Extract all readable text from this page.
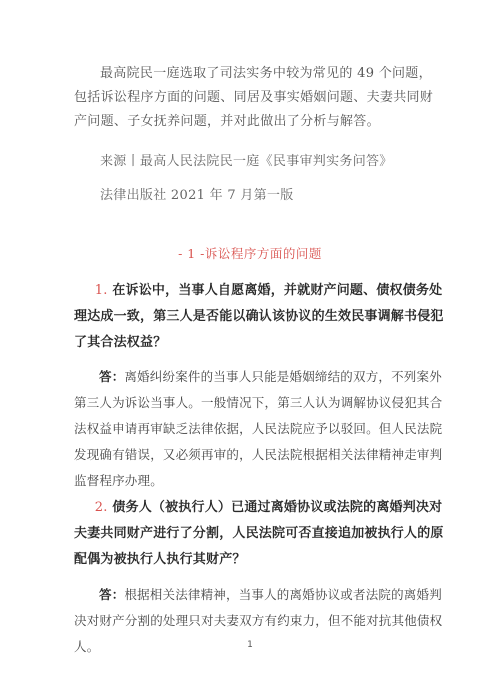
最高院民一庭选取了司法实务中较为常见的 49 个问题，包括诉讼程序方面的问题、同居及事实婚姻问题、夫妻共同财产问题、子女抚养问题，并对此做出了分析与解答。

来源丨最高人民法院民一庭《民事审判实务问答》
法律出版社 2021 年 7 月第一版
- 1 -诉讼程序方面的问题

1. 在诉讼中，当事人自愿离婚，并就财产问题、债权债务处理达成一致，第三人是否能以确认该协议的生效民事调解书侵犯了其合法权益？

答：离婚纠纷案件的当事人只能是婚姻缔结的双方，不列案外第三人为诉讼当事人。一般情况下，第三人认为调解协议侵犯其合法权益申请再审缺乏法律依据，人民法院应予以驳回。但人民法院发现确有错误，又必须再审的，人民法院根据相关法律精神走审判监督程序办理。

2. 债务人（被执行人）已通过离婚协议或法院的离婚判决对夫妻共同财产进行了分割，人民法院可否直接追加被执行人的原配偶为被执行人执行其财产？

答：根据相关法律精神，当事人的离婚协议或者法院的离婚判决对财产分割的处理只对夫妻双方有约束力，但不能对抗其他债权人。	1
